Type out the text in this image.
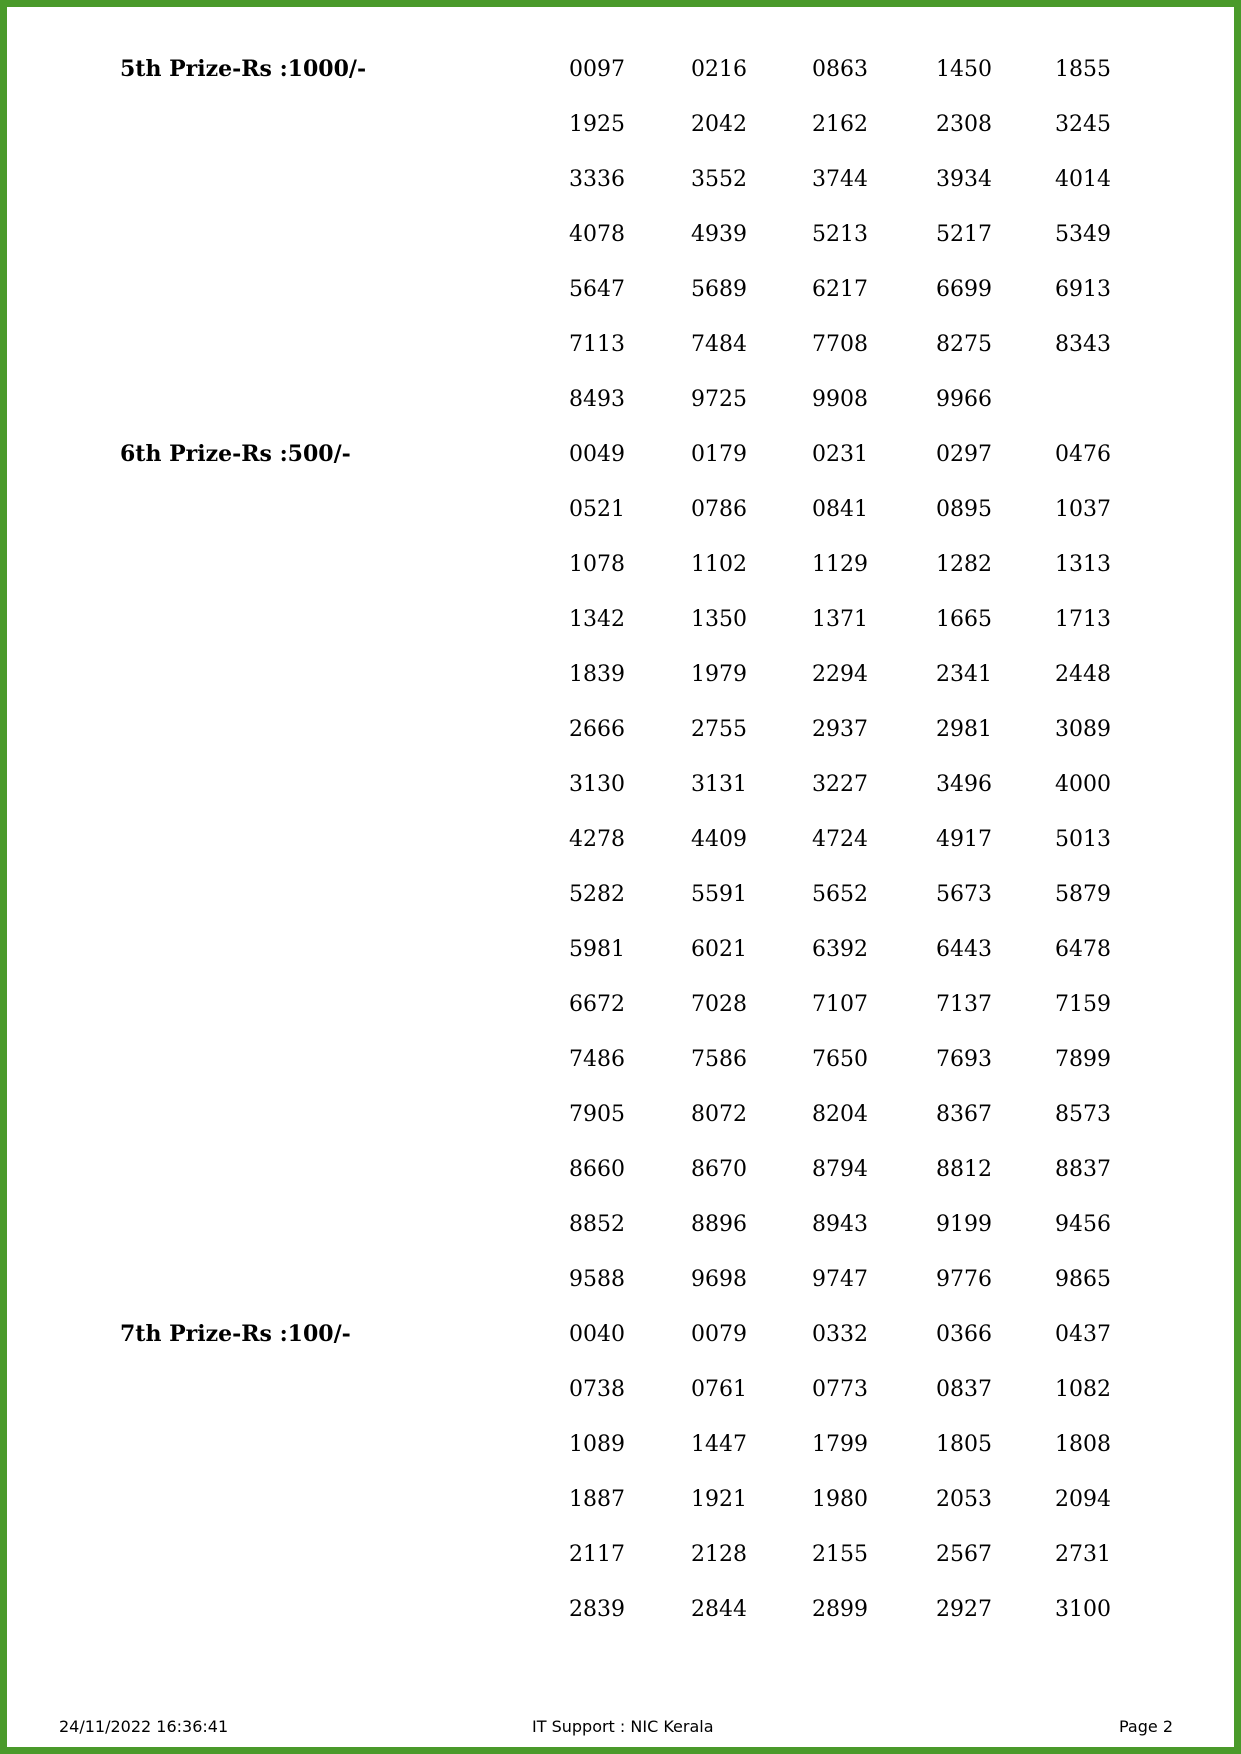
5th Prize-Rs :1000/-	0097	0216	0863	1450	1855
1925	2042	2162	2308	3245
3336	3552	3744	3934	4014
4078	4939	5213	5217	5349
5647	5689	6217	6699	6913
7113	7484	7708	8275	8343
8493	9725	9908	9966
6th Prize-Rs :500/-	0049	0179	0231	0297	0476
0521	0786	0841	0895	1037
1078	1102	1129	1282	1313
1342	1350	1371	1665	1713
1839	1979	2294	2341	2448
2666	2755	2937	2981	3089
3130	3131	3227	3496	4000
4278	4409	4724	4917	5013
5282	5591	5652	5673	5879
5981	6021	6392	6443	6478
6672	7028	7107	7137	7159
7486	7586	7650	7693	7899
7905	8072	8204	8367	8573
8660	8670	8794	8812	8837
8852	8896	8943	9199	9456
9588	9698	9747	9776	9865
7th Prize-Rs :100/-	0040	0079	0332	0366	0437
0738	0761	0773	0837	1082
1089	1447	1799	1805	1808
1887	1921	1980	2053	2094
2117	2128	2155	2567	2731
2839	2844	2899	2927	3100
24/11/2022 16:36:41	IT Support : NIC Kerala	Page 2
